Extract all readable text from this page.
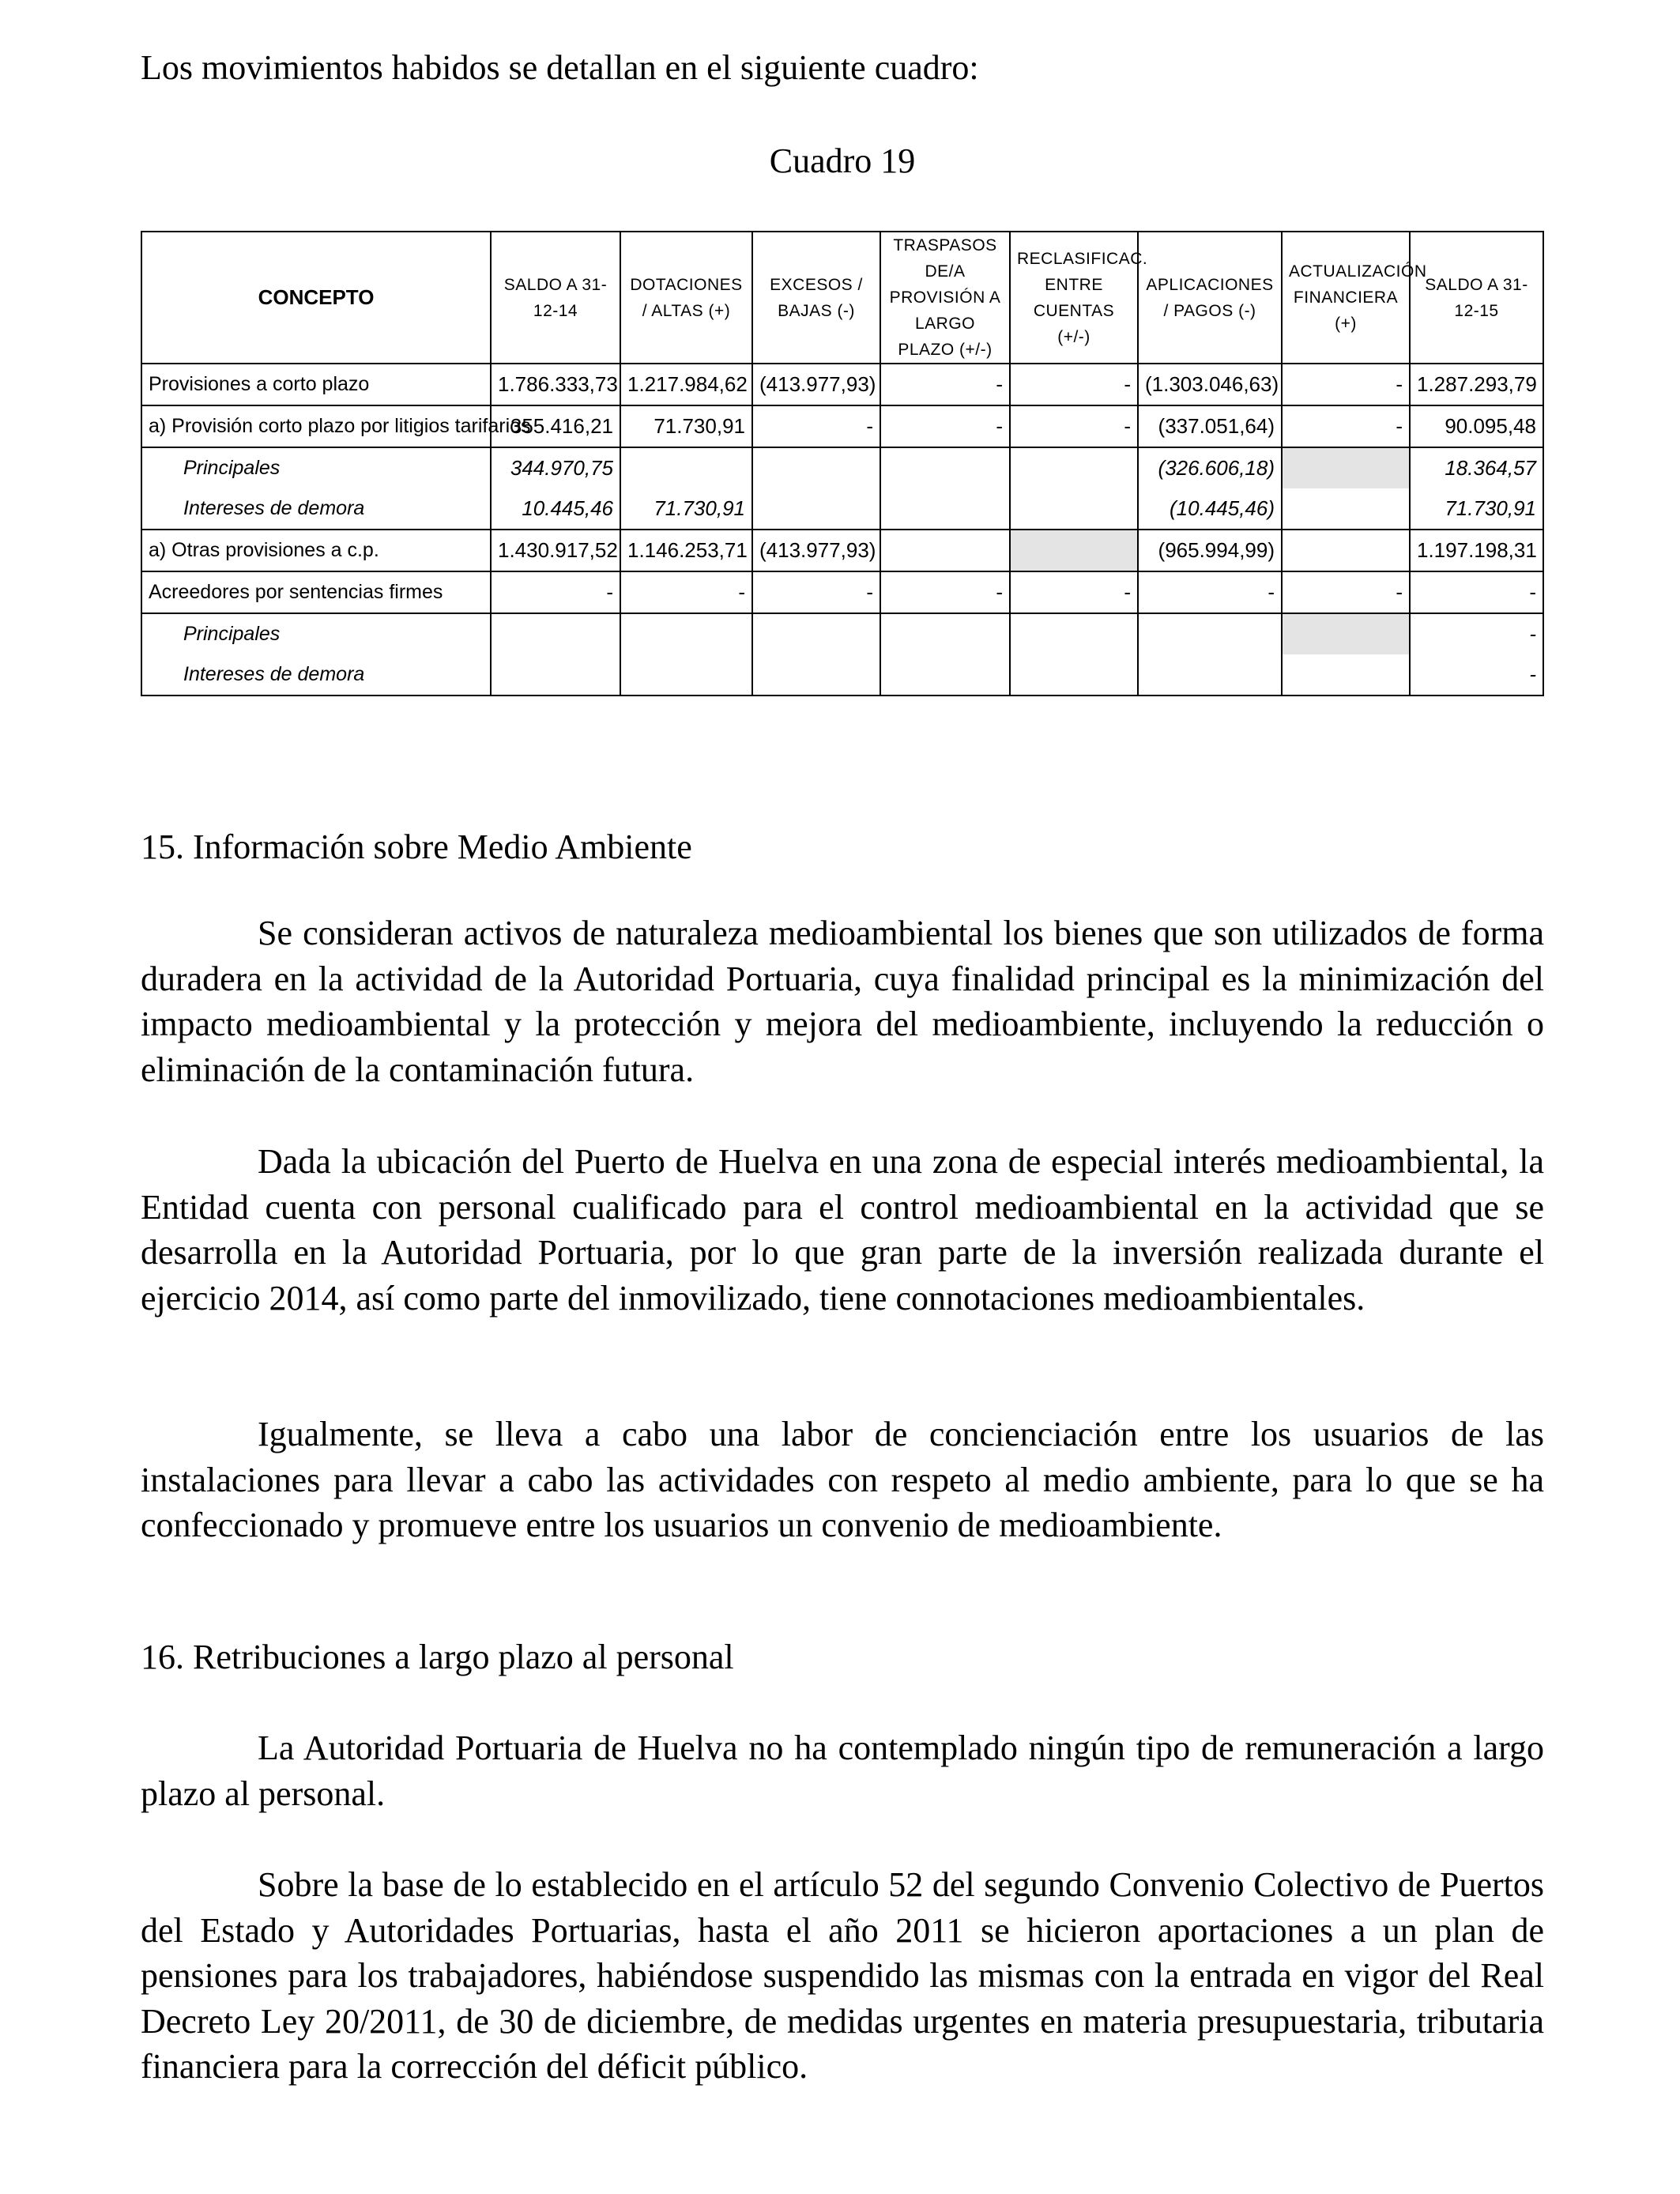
Los movimientos habidos se detallan en el siguiente cuadro:

Cuadro 19

CONCEPTO	SALDO A 31-12-14	DOTACIONES / ALTAS (+)	EXCESOS / BAJAS (-)	TRASPASOS DE/A PROVISIÓN A LARGO PLAZO (+/-)	RECLASIFICAC. ENTRE CUENTAS (+/-)	APLICACIONES / PAGOS (-)	ACTUALIZACIÓN FINANCIERA (+)	SALDO A 31-12-15
Provisiones a corto plazo	1.786.333,73	1.217.984,62	(413.977,93)	-	-	(1.303.046,63)	-	1.287.293,79
a) Provisión corto plazo por litigios tarifarios	355.416,21	71.730,91	-	-	-	(337.051,64)	-	90.095,48
Principales	344.970,75					(326.606,18)		18.364,57
Intereses de demora	10.445,46	71.730,91				(10.445,46)		71.730,91
a) Otras provisiones a c.p.	1.430.917,52	1.146.253,71	(413.977,93)			(965.994,99)		1.197.198,31
Acreedores por sentencias firmes	-	-	-	-	-	-	-	-
Principales								-
Intereses de demora								-

15. Información sobre Medio Ambiente

Se consideran activos de naturaleza medioambiental los bienes que son utilizados de forma duradera en la actividad de la Autoridad Portuaria, cuya finalidad principal es la minimización del impacto medioambiental y la protección y mejora del medioambiente, incluyendo la reducción o eliminación de la contaminación futura.

Dada la ubicación del Puerto de Huelva en una zona de especial interés medioambiental, la Entidad cuenta con personal cualificado para el control medioambiental en la actividad que se desarrolla en la Autoridad Portuaria, por lo que gran parte de la inversión realizada durante el ejercicio 2014, así como parte del inmovilizado, tiene connotaciones medioambientales.

Igualmente, se lleva a cabo una labor de concienciación entre los usuarios de las instalaciones para llevar a cabo las actividades con respeto al medio ambiente, para lo que se ha confeccionado y promueve entre los usuarios un convenio de medioambiente.

16. Retribuciones a largo plazo al personal

La Autoridad Portuaria de Huelva no ha contemplado ningún tipo de remuneración a largo plazo al personal.

Sobre la base de lo establecido en el artículo 52 del segundo Convenio Colectivo de Puertos del Estado y Autoridades Portuarias, hasta el año 2011 se hicieron aportaciones a un plan de pensiones para los trabajadores, habiéndose suspendido las mismas con la entrada en vigor del Real Decreto Ley 20/2011, de 30 de diciembre, de medidas urgentes en materia presupuestaria, tributaria financiera para la corrección del déficit público.
